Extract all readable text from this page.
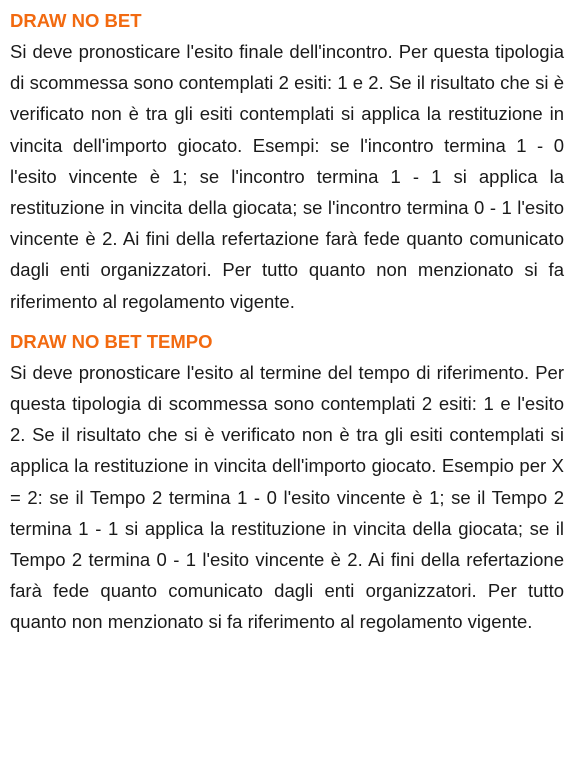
DRAW NO BET

Si deve pronosticare l'esito finale dell'incontro. Per questa tipologia di scommessa sono contemplati 2 esiti: 1 e 2. Se il risultato che si è verificato non è tra gli esiti contemplati si applica la restituzione in vincita dell'importo giocato. Esempi: se l'incontro termina 1 - 0 l'esito vincente è 1; se l'incontro termina 1 - 1 si applica la restituzione in vincita della giocata; se l'incontro termina 0 - 1 l'esito vincente è 2. Ai fini della refertazione farà fede quanto comunicato dagli enti organizzatori. Per tutto quanto non menzionato si fa riferimento al regolamento vigente.

DRAW NO BET TEMPO

Si deve pronosticare l'esito al termine del tempo di riferimento. Per questa tipologia di scommessa sono contemplati 2 esiti: 1 e l'esito 2. Se il risultato che si è verificato non è tra gli esiti contemplati si applica la restituzione in vincita dell'importo giocato. Esempio per X = 2: se il Tempo 2 termina 1 - 0 l'esito vincente è 1; se il Tempo 2 termina 1 - 1 si applica la restituzione in vincita della giocata; se il Tempo 2 termina 0 - 1 l'esito vincente è 2. Ai fini della refertazione farà fede quanto comunicato dagli enti organizzatori. Per tutto quanto non menzionato si fa riferimento al regolamento vigente.
